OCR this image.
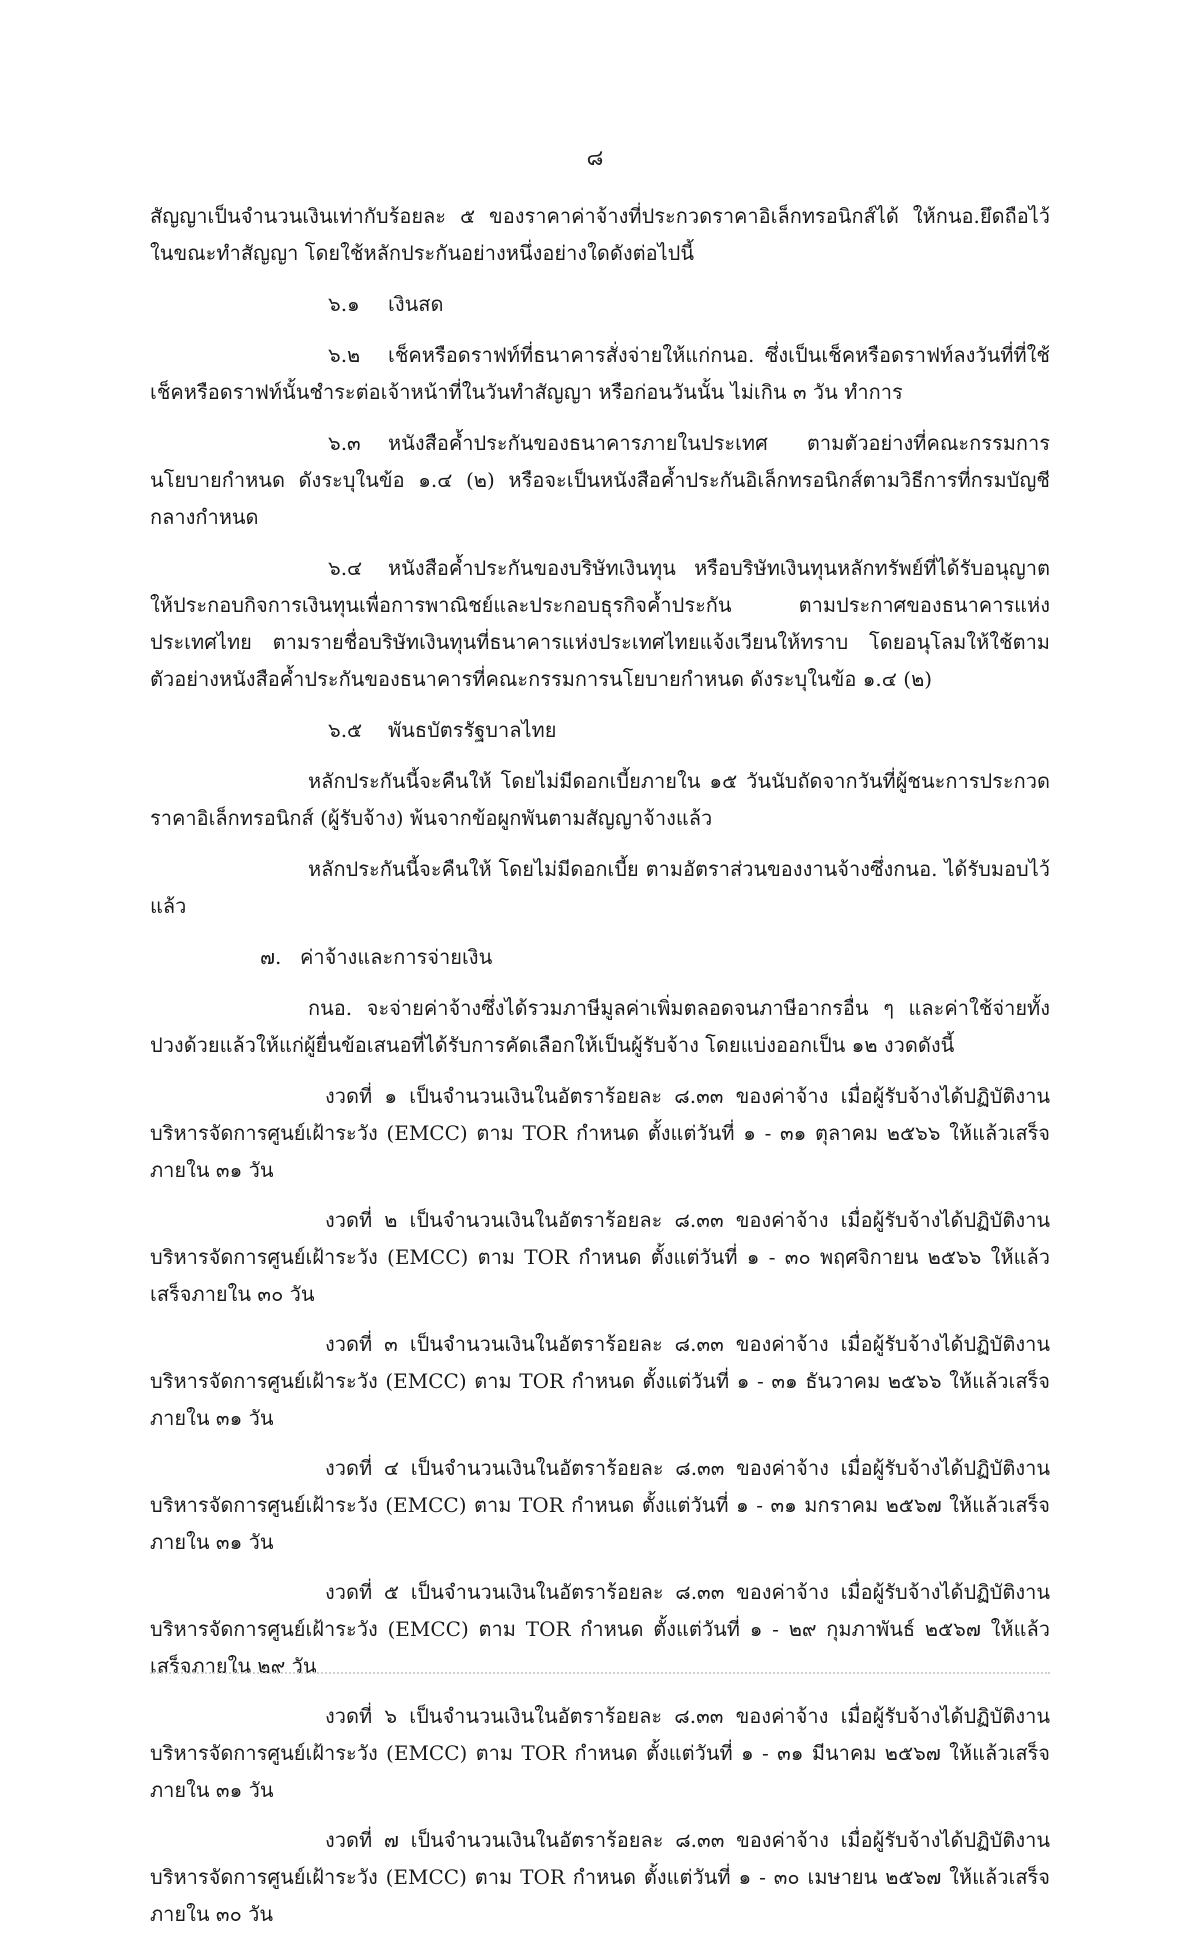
๘

สัญญาเป็นจำนวนเงินเท่ากับร้อยละ ๕ ของราคาค่าจ้างที่ประกวดราคาอิเล็กทรอนิกส์ได้ ให้กนอ.ยึดถือไว้ในขณะทำสัญญา โดยใช้หลักประกันอย่างหนึ่งอย่างใดดังต่อไปนี้

๖.๑ เงินสด
๖.๒ เช็คหรือดราฟท์ที่ธนาคารสั่งจ่ายให้แก่กนอ. ซึ่งเป็นเช็คหรือดราฟท์ลงวันที่ที่ใช้เช็คหรือดราฟท์นั้นชำระต่อเจ้าหน้าที่ในวันทำสัญญา หรือก่อนวันนั้น ไม่เกิน ๓ วัน ทำการ
๖.๓ หนังสือค้ำประกันของธนาคารภายในประเทศ ตามตัวอย่างที่คณะกรรมการนโยบายกำหนด ดังระบุในข้อ ๑.๔ (๒) หรือจะเป็นหนังสือค้ำประกันอิเล็กทรอนิกส์ตามวิธีการที่กรมบัญชีกลางกำหนด
๖.๔ หนังสือค้ำประกันของบริษัทเงินทุน หรือบริษัทเงินทุนหลักทรัพย์ที่ได้รับอนุญาตให้ประกอบกิจการเงินทุนเพื่อการพาณิชย์และประกอบธุรกิจค้ำประกัน ตามประกาศของธนาคารแห่งประเทศไทย ตามรายชื่อบริษัทเงินทุนที่ธนาคารแห่งประเทศไทยแจ้งเวียนให้ทราบ โดยอนุโลมให้ใช้ตามตัวอย่างหนังสือค้ำประกันของธนาคารที่คณะกรรมการนโยบายกำหนด ดังระบุในข้อ ๑.๔ (๒)
๖.๕ พันธบัตรรัฐบาลไทย

หลักประกันนี้จะคืนให้ โดยไม่มีดอกเบี้ยภายใน ๑๕ วันนับถัดจากวันที่ผู้ชนะการประกวดราคาอิเล็กทรอนิกส์ (ผู้รับจ้าง) พ้นจากข้อผูกพันตามสัญญาจ้างแล้ว

หลักประกันนี้จะคืนให้ โดยไม่มีดอกเบี้ย ตามอัตราส่วนของงานจ้างซึ่งกนอ. ได้รับมอบไว้แล้ว

๗. ค่าจ้างและการจ่ายเงิน

กนอ. จะจ่ายค่าจ้างซึ่งได้รวมภาษีมูลค่าเพิ่มตลอดจนภาษีอากรอื่น ๆ และค่าใช้จ่ายทั้งปวงด้วยแล้วให้แก่ผู้ยื่นข้อเสนอที่ได้รับการคัดเลือกให้เป็นผู้รับจ้าง โดยแบ่งออกเป็น ๑๒ งวดดังนี้

งวดที่ ๑ เป็นจำนวนเงินในอัตราร้อยละ ๘.๓๓ ของค่าจ้าง เมื่อผู้รับจ้างได้ปฏิบัติงานบริหารจัดการศูนย์เฝ้าระวัง (EMCC) ตาม TOR กำหนด ตั้งแต่วันที่ ๑ - ๓๑ ตุลาคม ๒๕๖๖ ให้แล้วเสร็จภายใน ๓๑ วัน

งวดที่ ๒ เป็นจำนวนเงินในอัตราร้อยละ ๘.๓๓ ของค่าจ้าง เมื่อผู้รับจ้างได้ปฏิบัติงานบริหารจัดการศูนย์เฝ้าระวัง (EMCC) ตาม TOR กำหนด ตั้งแต่วันที่ ๑ - ๓๐ พฤศจิกายน ๒๕๖๖ ให้แล้วเสร็จภายใน ๓๐ วัน

งวดที่ ๓ เป็นจำนวนเงินในอัตราร้อยละ ๘.๓๓ ของค่าจ้าง เมื่อผู้รับจ้างได้ปฏิบัติงานบริหารจัดการศูนย์เฝ้าระวัง (EMCC) ตาม TOR กำหนด ตั้งแต่วันที่ ๑ - ๓๑ ธันวาคม ๒๕๖๖ ให้แล้วเสร็จภายใน ๓๑ วัน

งวดที่ ๔ เป็นจำนวนเงินในอัตราร้อยละ ๘.๓๓ ของค่าจ้าง เมื่อผู้รับจ้างได้ปฏิบัติงานบริหารจัดการศูนย์เฝ้าระวัง (EMCC) ตาม TOR กำหนด ตั้งแต่วันที่ ๑ - ๓๑ มกราคม ๒๕๖๗ ให้แล้วเสร็จภายใน ๓๑ วัน

งวดที่ ๕ เป็นจำนวนเงินในอัตราร้อยละ ๘.๓๓ ของค่าจ้าง เมื่อผู้รับจ้างได้ปฏิบัติงานบริหารจัดการศูนย์เฝ้าระวัง (EMCC) ตาม TOR กำหนด ตั้งแต่วันที่ ๑ - ๒๙ กุมภาพันธ์ ๒๕๖๗ ให้แล้วเสร็จภายใน ๒๙ วัน

งวดที่ ๖ เป็นจำนวนเงินในอัตราร้อยละ ๘.๓๓ ของค่าจ้าง เมื่อผู้รับจ้างได้ปฏิบัติงานบริหารจัดการศูนย์เฝ้าระวัง (EMCC) ตาม TOR กำหนด ตั้งแต่วันที่ ๑ - ๓๑ มีนาคม ๒๕๖๗ ให้แล้วเสร็จภายใน ๓๑ วัน

งวดที่ ๗ เป็นจำนวนเงินในอัตราร้อยละ ๘.๓๓ ของค่าจ้าง เมื่อผู้รับจ้างได้ปฏิบัติงานบริหารจัดการศูนย์เฝ้าระวัง (EMCC) ตาม TOR กำหนด ตั้งแต่วันที่ ๑ - ๓๐ เมษายน ๒๕๖๗ ให้แล้วเสร็จภายใน ๓๐ วัน
